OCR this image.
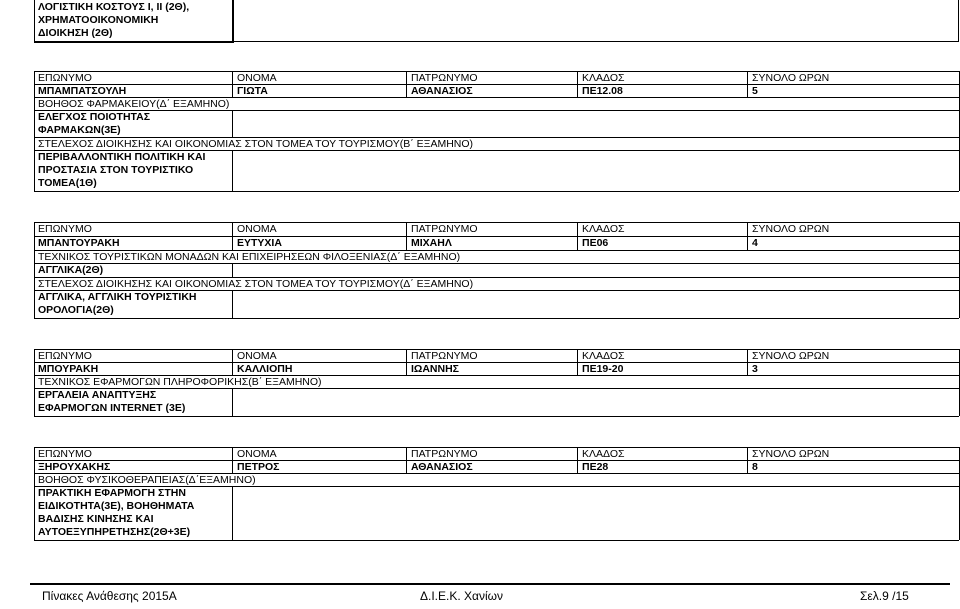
ΛΟΓΙΣΤΙΚΗ ΚΟΣΤΟΥΣ Ι, ΙΙ (2Θ),
ΧΡΗΜΑΤΟΟΙΚΟΝΟΜΙΚΗ
ΔΙΟΙΚΗΣΗ (2Θ)
ΕΠΩΝΥΜΟ	ΟΝΟΜΑ	ΠΑΤΡΩΝΥΜΟ	ΚΛΑΔΟΣ	ΣΥΝΟΛΟ ΩΡΩΝ
ΜΠΑΜΠΑΤΣΟΥΛΗ	ΓΙΩΤΑ	ΑΘΑΝΑΣΙΟΣ	ΠΕ12.08	5
ΒΟΗΘΟΣ ΦΑΡΜΑΚΕΙΟΥ(Δ΄ ΕΞΑΜΗΝΟ)
ΕΛΕΓΧΟΣ ΠΟΙΟΤΗΤΑΣ
ΦΑΡΜΑΚΩΝ(3Ε)
ΣΤΕΛΕΧΟΣ ΔΙΟΙΚΗΣΗΣ ΚΑΙ ΟΙΚΟΝΟΜΙΑΣ ΣΤΟΝ ΤΟΜΕΑ ΤΟΥ ΤΟΥΡΙΣΜΟΥ(Β΄ ΕΞΑΜΗΝΟ)
ΠΕΡΙΒΑΛΛΟΝΤΙΚΗ ΠΟΛΙΤΙΚΗ ΚΑΙ
ΠΡΟΣΤΑΣΙΑ ΣΤΟΝ ΤΟΥΡΙΣΤΙΚΟ
ΤΟΜΕΑ(1Θ)
ΕΠΩΝΥΜΟ	ΟΝΟΜΑ	ΠΑΤΡΩΝΥΜΟ	ΚΛΑΔΟΣ	ΣΥΝΟΛΟ ΩΡΩΝ
ΜΠΑΝΤΟΥΡΑΚΗ	ΕΥΤΥΧΙΑ	ΜΙΧΑΗΛ	ΠΕ06	4
ΤΕΧΝΙΚΟΣ ΤΟΥΡΙΣΤΙΚΩΝ ΜΟΝΑΔΩΝ ΚΑΙ ΕΠΙΧΕΙΡΗΣΕΩΝ ΦΙΛΟΞΕΝΙΑΣ(Δ΄ ΕΞΑΜΗΝΟ)
ΑΓΓΛΙΚΑ(2Θ)
ΣΤΕΛΕΧΟΣ ΔΙΟΙΚΗΣΗΣ ΚΑΙ ΟΙΚΟΝΟΜΙΑΣ ΣΤΟΝ ΤΟΜΕΑ ΤΟΥ ΤΟΥΡΙΣΜΟΥ(Δ΄ ΕΞΑΜΗΝΟ)
ΑΓΓΛΙΚΑ, ΑΓΓΛΙΚΗ ΤΟΥΡΙΣΤΙΚΗ
ΟΡΟΛΟΓΙΑ(2Θ)
ΕΠΩΝΥΜΟ	ΟΝΟΜΑ	ΠΑΤΡΩΝΥΜΟ	ΚΛΑΔΟΣ	ΣΥΝΟΛΟ ΩΡΩΝ
ΜΠΟΥΡΑΚΗ	ΚΑΛΛΙΟΠΗ	ΙΩΑΝΝΗΣ	ΠΕ19-20	3
ΤΕΧΝΙΚΟΣ ΕΦΑΡΜΟΓΩΝ ΠΛΗΡΟΦΟΡΙΚΗΣ(Β΄ ΕΞΑΜΗΝΟ)
ΕΡΓΑΛΕΙΑ ΑΝΑΠΤΥΞΗΣ
ΕΦΑΡΜΟΓΩΝ INTERNET (3Ε)
ΕΠΩΝΥΜΟ	ΟΝΟΜΑ	ΠΑΤΡΩΝΥΜΟ	ΚΛΑΔΟΣ	ΣΥΝΟΛΟ ΩΡΩΝ
ΞΗΡΟΥΧΑΚΗΣ	ΠΕΤΡΟΣ	ΑΘΑΝΑΣΙΟΣ	ΠΕ28	8
ΒΟΗΘΟΣ ΦΥΣΙΚΟΘΕΡΑΠΕΙΑΣ(Δ΄ΕΞΑΜΗΝΟ)
ΠΡΑΚΤΙΚΗ ΕΦΑΡΜΟΓΗ ΣΤΗΝ
ΕΙΔΙΚΟΤΗΤΑ(3Ε), ΒΟΗΘΗΜΑΤΑ
ΒΑΔΙΣΗΣ ΚΙΝΗΣΗΣ ΚΑΙ
ΑΥΤΟΕΞΥΠΗΡΕΤΗΣΗΣ(2Θ+3Ε)
Πίνακες Ανάθεσης 2015Α	Δ.Ι.Ε.Κ. Χανίων	Σελ.9 /15
